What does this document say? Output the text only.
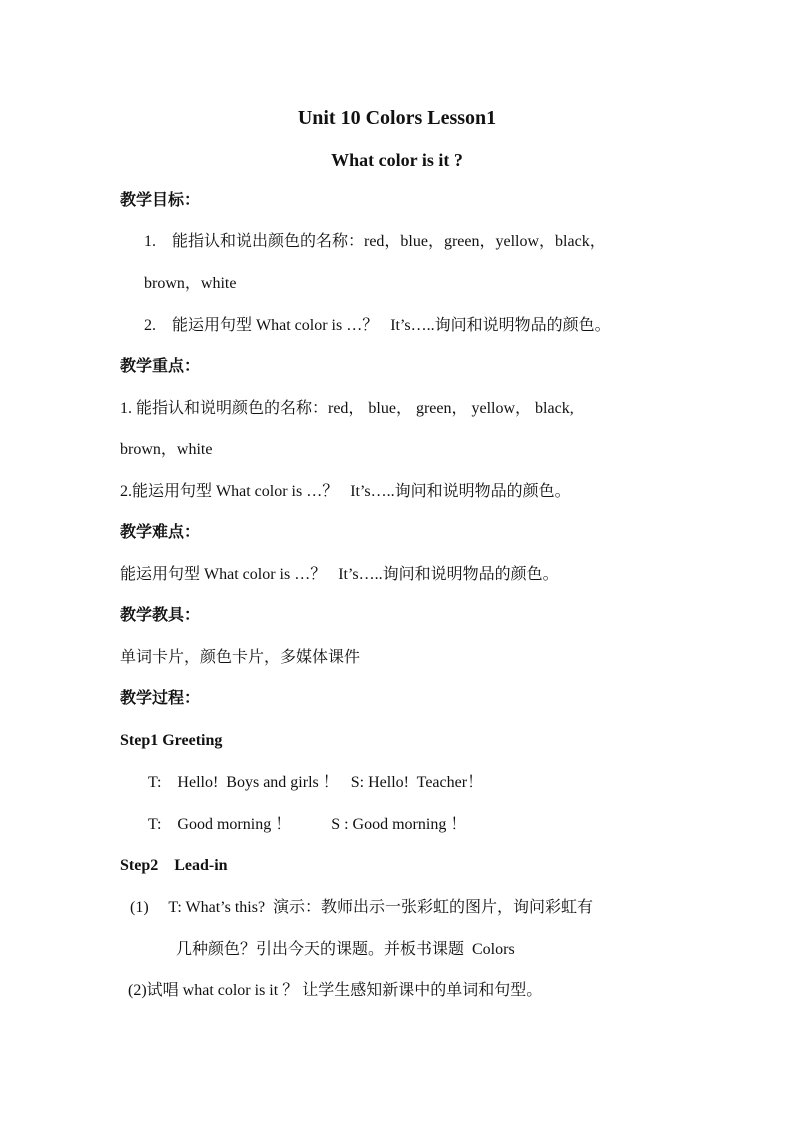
Unit 10 Colors Lesson1
What color is it ?
教学目标：
1.    能指认和说出颜色的名称：red，blue，green，yellow，black，
brown，white
2.    能运用句型 What color is …？   It’s…..询问和说明物品的颜色。
教学重点：
1. 能指认和说明颜色的名称：red， blue， green， yellow， black,
brown，white
2.能运用句型 What color is …？   It’s…..询问和说明物品的颜色。
教学难点：
能运用句型 What color is …？   It’s…..询问和说明物品的颜色。
教学教具：
单词卡片，颜色卡片，多媒体课件
教学过程：
Step1 Greeting
T:    Hello!  Boys and girls ！   S: Hello!  Teacher！
T:    Good morning ！          S : Good morning ！
Step2    Lead-in
(1)     T: What’s this?  演示：教师出示一张彩虹的图片，询问彩虹有
几种颜色？引出今天的课题。并板书课题  Colors
(2)试唱 what color is it ？ 让学生感知新课中的单词和句型。
